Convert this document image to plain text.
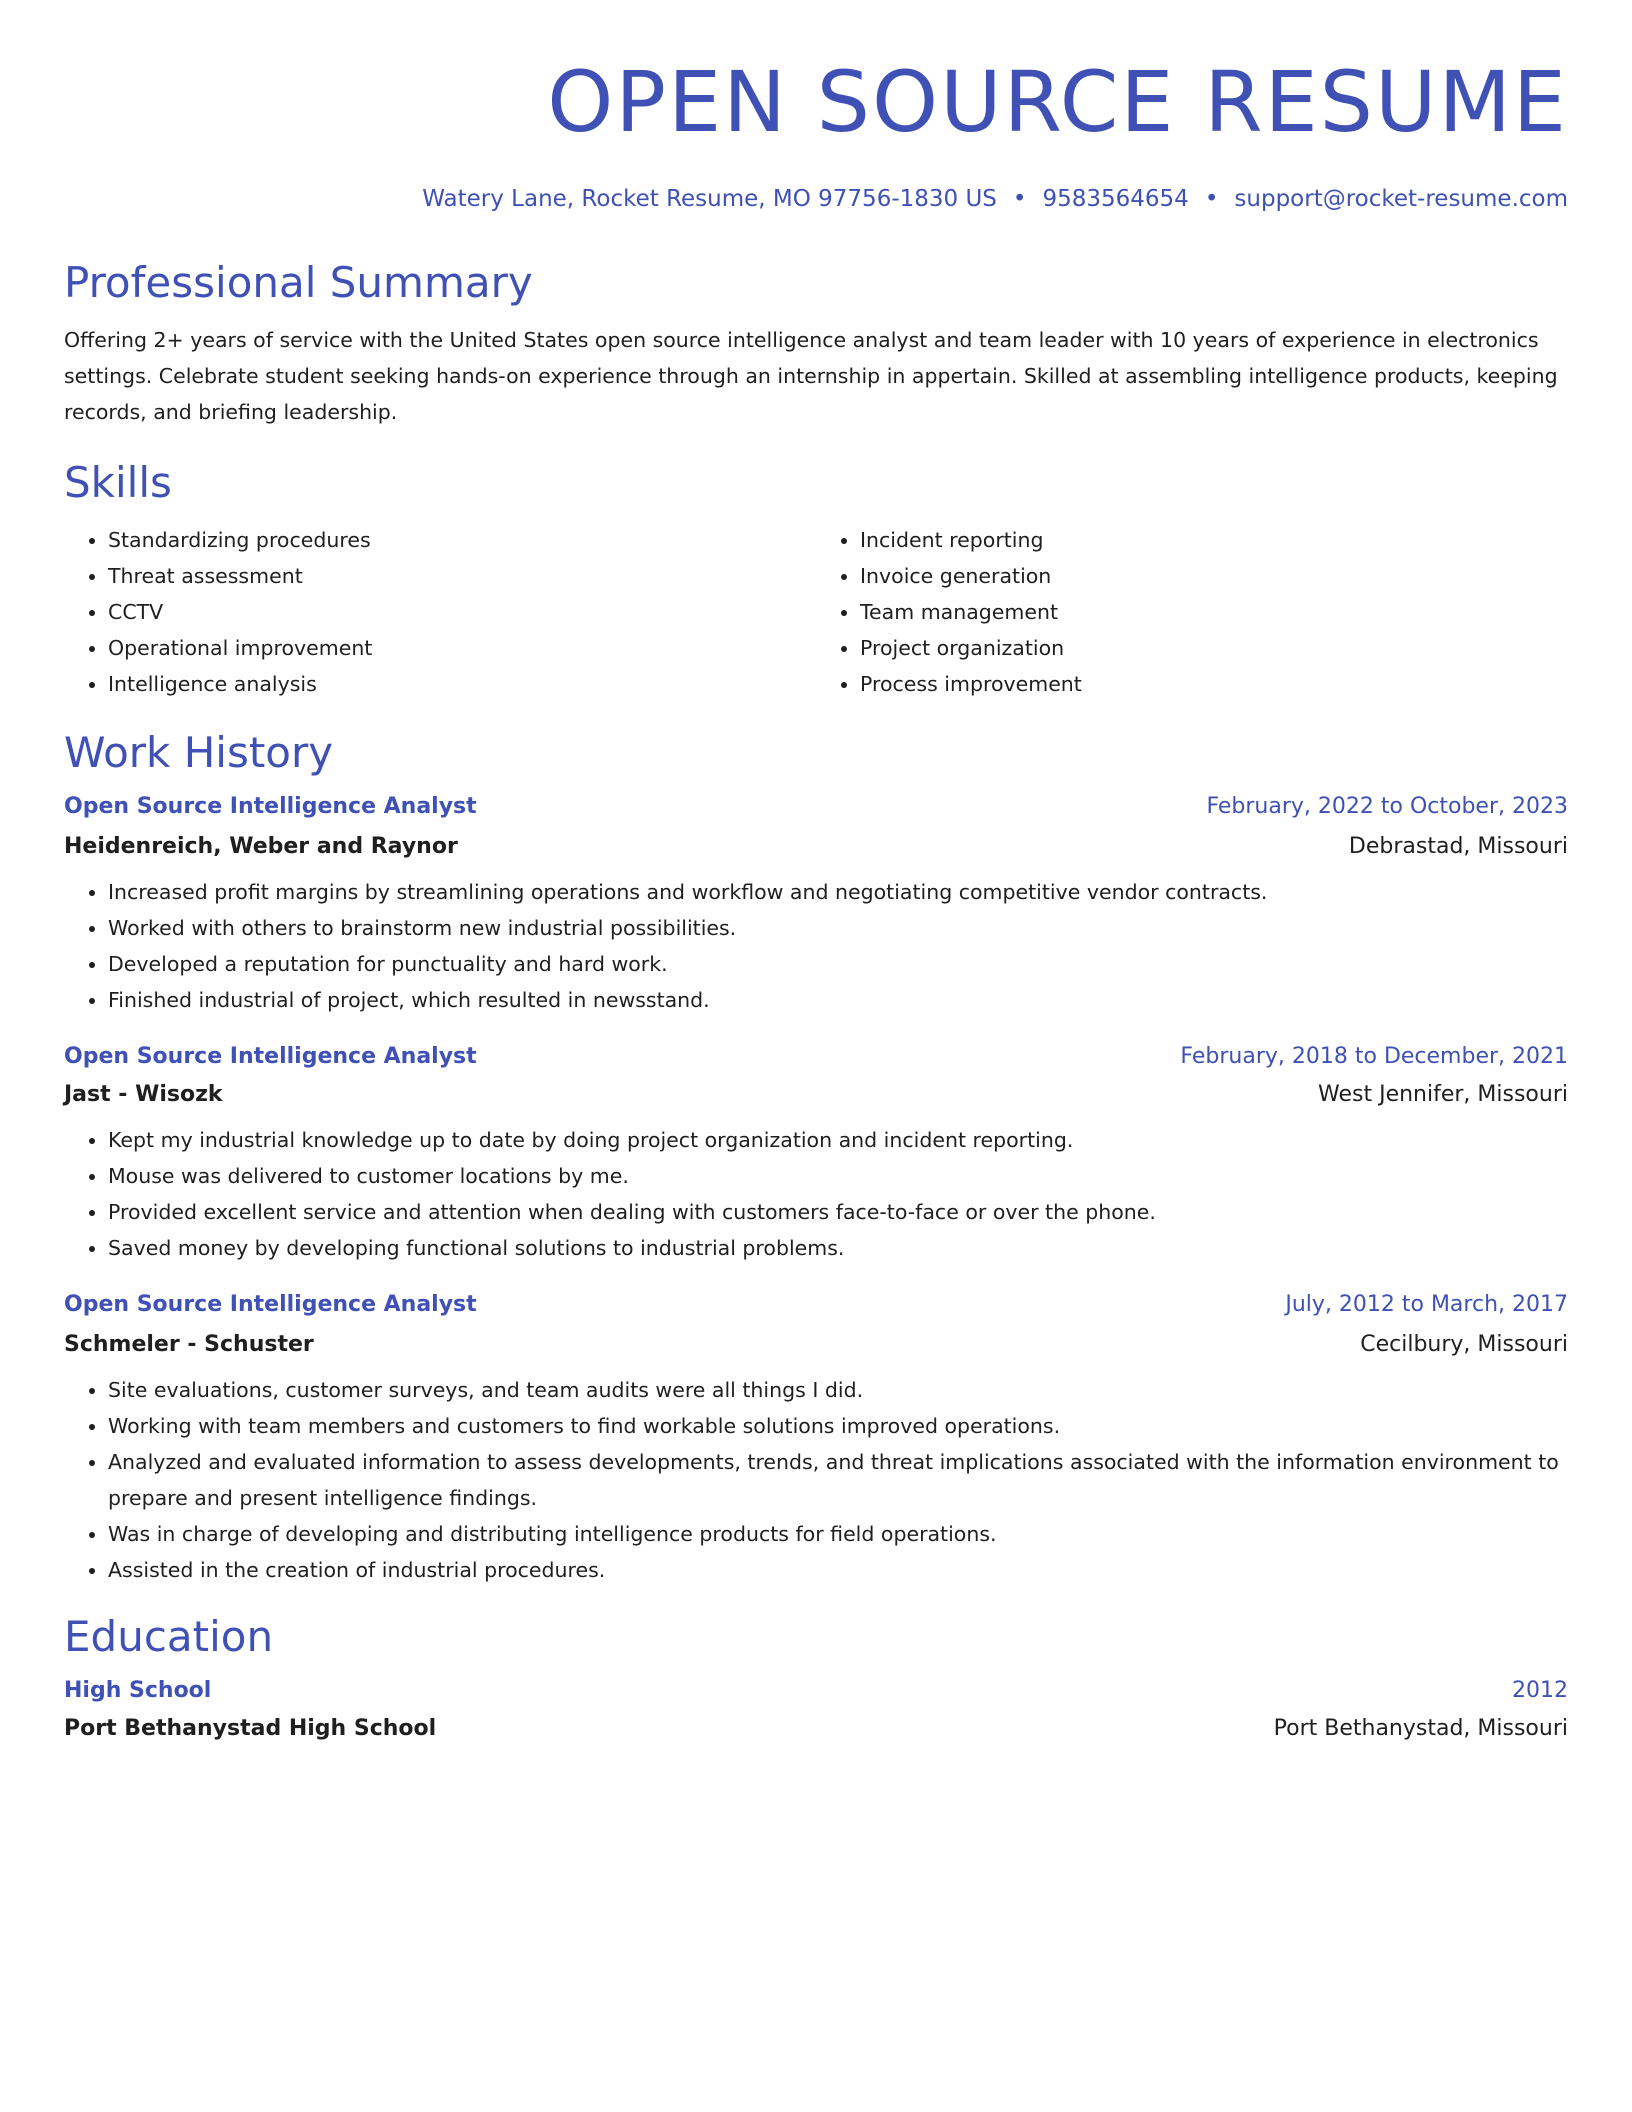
OPEN SOURCE RESUME
Watery Lane, Rocket Resume, MO 97756-1830 US • 9583564654 • support@rocket-resume.com
Professional Summary

Offering 2+ years of service with the United States open source intelligence analyst and team leader with 10 years of experience in electronics settings. Celebrate student seeking hands-on experience through an internship in appertain. Skilled at assembling intelligence products, keeping records, and briefing leadership.

Skills
• Standardizing procedures
• Threat assessment
• CCTV
• Operational improvement
• Intelligence analysis
• Incident reporting
• Invoice generation
• Team management
• Project organization
• Process improvement
Work History
Open Source Intelligence Analyst	February, 2022 to October, 2023
Heidenreich, Weber and Raynor	Debrastad, Missouri
• Increased profit margins by streamlining operations and workflow and negotiating competitive vendor contracts.
• Worked with others to brainstorm new industrial possibilities.
• Developed a reputation for punctuality and hard work.
• Finished industrial of project, which resulted in newsstand.
Open Source Intelligence Analyst	February, 2018 to December, 2021
Jast - Wisozk	West Jennifer, Missouri
• Kept my industrial knowledge up to date by doing project organization and incident reporting.
• Mouse was delivered to customer locations by me.
• Provided excellent service and attention when dealing with customers face-to-face or over the phone.
• Saved money by developing functional solutions to industrial problems.
Open Source Intelligence Analyst	July, 2012 to March, 2017
Schmeler - Schuster	Cecilbury, Missouri
• Site evaluations, customer surveys, and team audits were all things I did.
• Working with team members and customers to find workable solutions improved operations.
• Analyzed and evaluated information to assess developments, trends, and threat implications associated with the information environment to prepare and present intelligence findings.
• Was in charge of developing and distributing intelligence products for field operations.
• Assisted in the creation of industrial procedures.
Education
High School	2012
Port Bethanystad High School	Port Bethanystad, Missouri
